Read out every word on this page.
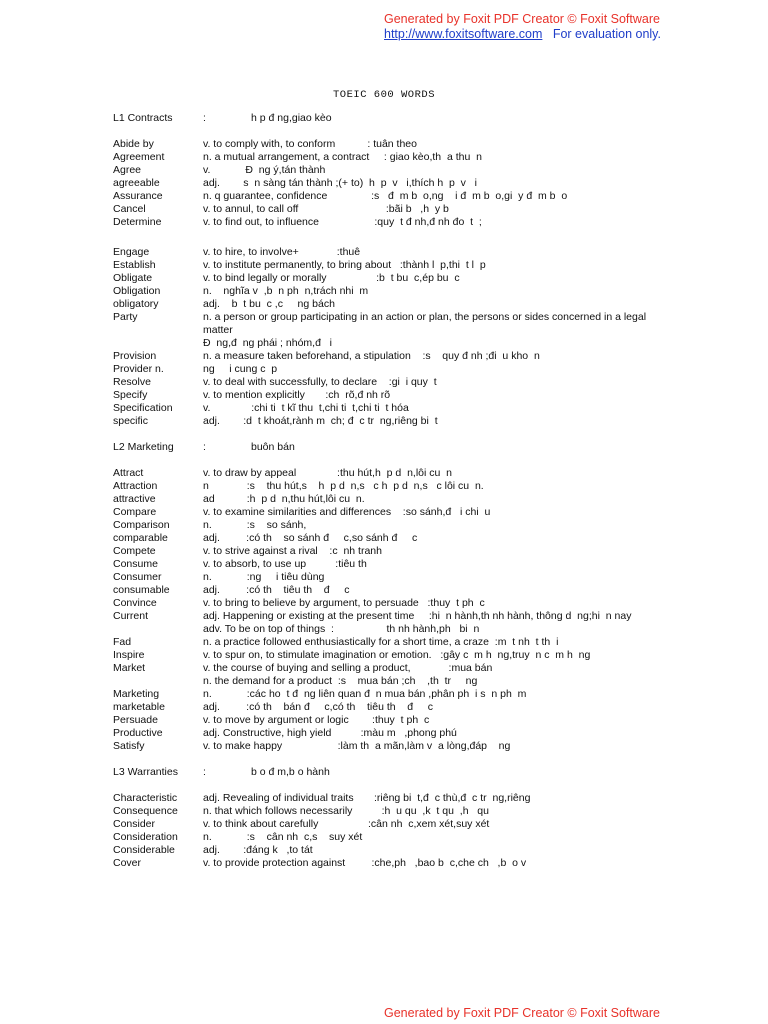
Generated by Foxit PDF Creator © Foxit Software
http://www.foxitsoftware.com For evaluation only.
TOEIC 600 WORDS
L1 Contracts	:	h p đ ng,giao kèo
Abide by	v. to comply with, to conform           : tuân theo
Agreement	n. a mutual arrangement, a contract     : giao kèo,th  a thu  n
Agree	v.            Đ  ng ý,tán thành
agreeable	adj.        s  n sàng tán thành ;(+ to)  h  p  v   i,thích h  p  v   i
Assurance	n. q guarantee, confidence               :s   đ  m b  o,ng    i đ  m b  o,gi  y đ  m b  o
Cancel	v. to annul, to call off                              :bãi b   ,h  y b
Determine	v. to find out, to influence                   :quy  t đ nh,đ nh đo  t  ;
Engage	v. to hire, to involve+             :thuê
Establish	v. to institute permanently, to bring about   :thành l  p,thi  t l  p
Obligate	v. to bind legally or morally                 :b  t bu  c,ép bu  c
Obligation	n.    nghĩa v  ,b  n ph  n,trách nhi  m
obligatory	adj.    b  t bu  c ,c     ng bách
Party	n. a person or group participating in an action or plan, the persons or sides concerned in a legal matter
Đ  ng,đ  ng phái ; nhóm,đ   i
Provision	n. a measure taken beforehand, a stipulation    :s    quy đ nh ;đi  u kho  n
Provider n.	ng     i cung c  p
Resolve	v. to deal with successfully, to declare    :gi  i quy  t
Specify	v. to mention explicitly       :ch  rõ,đ nh rõ
Specification	v.              :chi ti  t kĩ thu  t,chi ti  t,chi ti  t hóa
specific	adj.        :d  t khoát,rành m  ch; đ  c tr  ng,riêng bi  t
L2 Marketing	:	buôn bán
Attract	v. to draw by appeal              :thu hút,h  p d  n,lôi cu  n
Attraction	n             :s    thu hút,s    h  p d  n,s   c h  p d  n,s   c lôi cu  n.
attractive	ad           :h  p d  n,thu hút,lôi cu  n.
Compare	v. to examine similarities and differences    :so sánh,đ   i chi  u
Comparison	n.            :s    so sánh,
comparable	adj.         :có th    so sánh đ     c,so sánh đ     c
Compete	v. to strive against a rival    :c  nh tranh
Consume	v. to absorb, to use up          :tiêu th
Consumer	n.            :ng     i tiêu dùng
consumable	adj.         :có th    tiêu th    đ     c
Convince	v. to bring to believe by argument, to persuade   :thuy  t ph  c
Current	adj. Happening or existing at the present time     :hi  n hành,th nh hành, thông d  ng;hi  n nay
adv. To be on top of things  :                  th nh hành,ph   bi  n
Fad	n. a practice followed enthusiastically for a short time, a craze  :m  t nh  t th  i
Inspire	v. to spur on, to stimulate imagination or emotion.   :gây c  m h  ng,truy  n c  m h  ng
Market	v. the course of buying and selling a product,             :mua bán
n. the demand for a product  :s    mua bán ;ch    ,th  tr     ng
Marketing	n.            :các ho  t đ  ng liên quan đ  n mua bán ,phân ph  i s  n ph  m
marketable	adj.         :có th    bán đ     c,có th    tiêu th    đ     c
Persuade	v. to move by argument or logic        :thuy  t ph  c
Productive	adj. Constructive, high yield          :màu m   ,phong phú
Satisfy	v. to make happy                   :làm th  a mãn,làm v  a lòng,đáp    ng
L3 Warranties	:	b o đ m,b o hành
Characteristic	adj. Revealing of individual traits       :riêng bi  t,đ  c thù,đ  c tr  ng,riêng
Consequence	n. that which follows necessarily          :h  u qu  ,k  t qu  ,h   qu
Consider	v. to think about carefully                 :cân nh  c,xem xét,suy xét
Consideration	n.            :s    cân nh  c,s    suy xét
Considerable	adj.        :đáng k   ,to tát
Cover	v. to provide protection against         :che,ph   ,bao b  c,che ch   ,b  o v
Generated by Foxit PDF Creator © Foxit Software
